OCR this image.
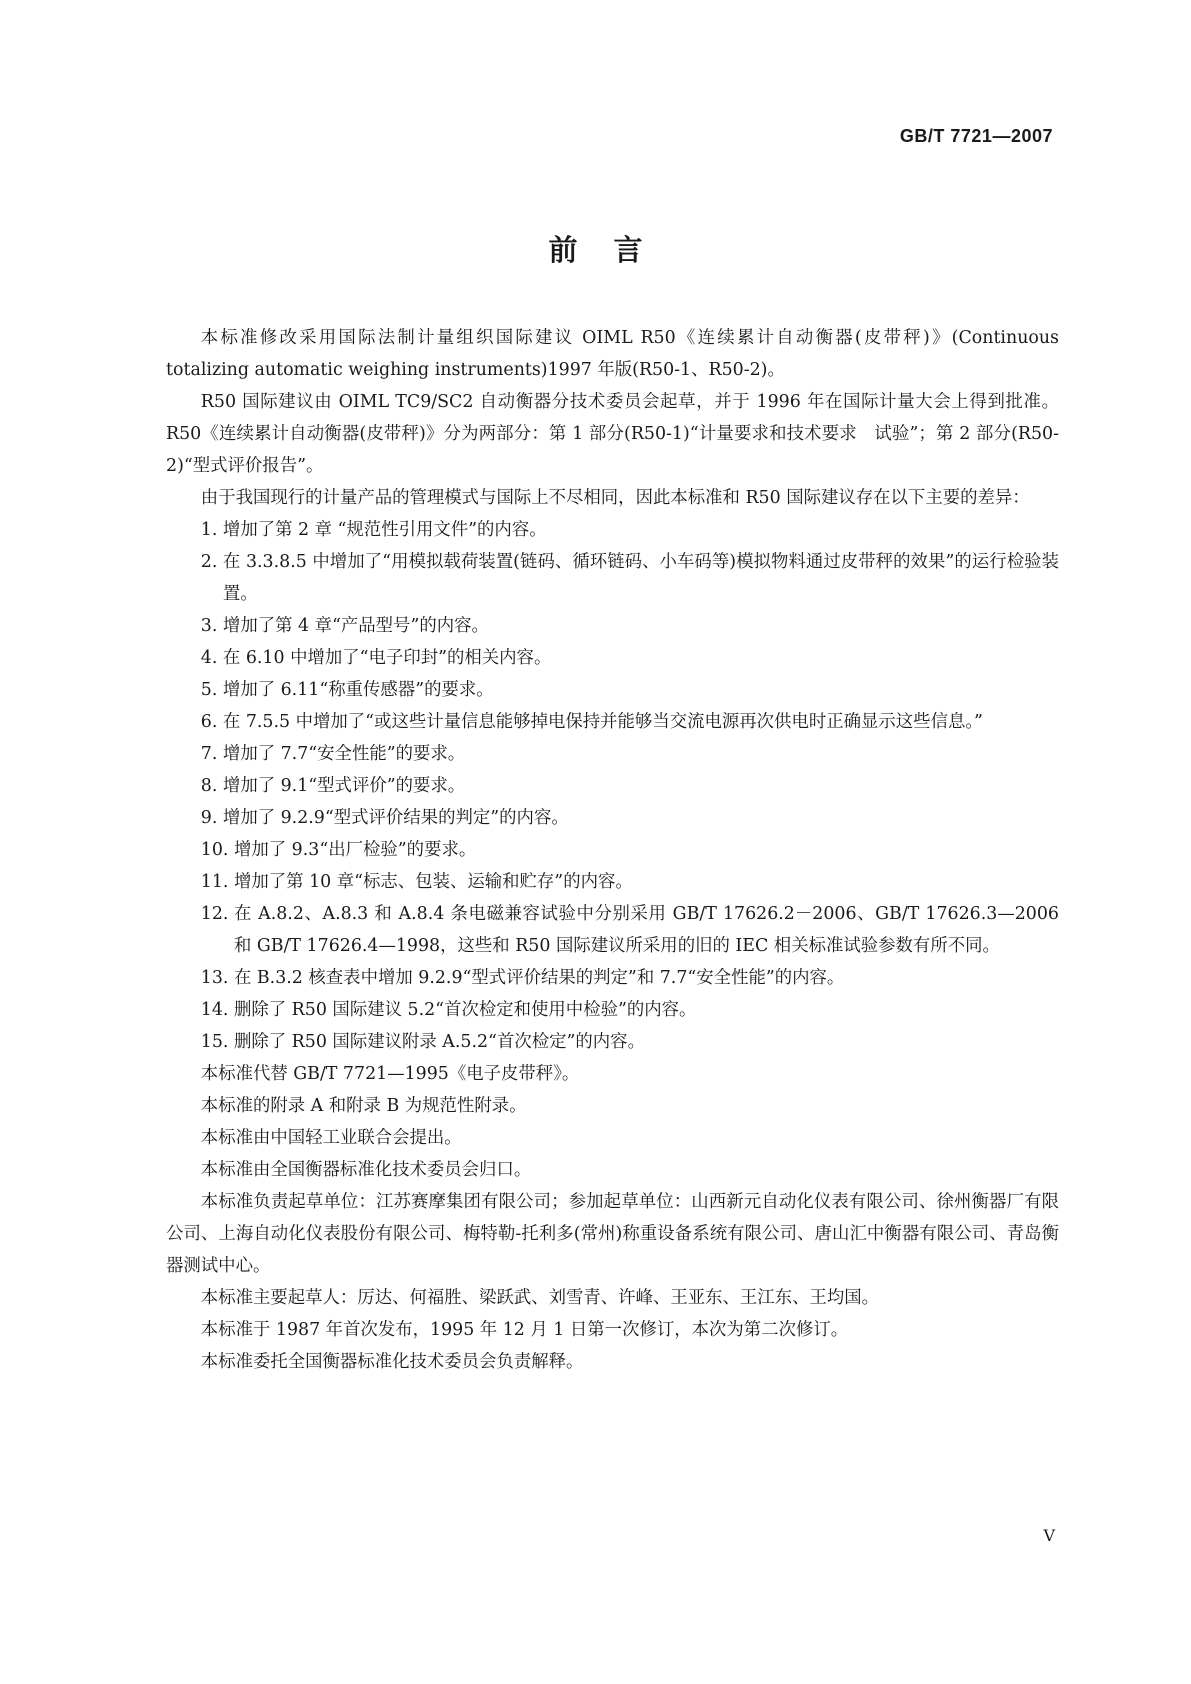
GB/T 7721—2007
前言

本标准修改采用国际法制计量组织国际建议 OIML R50《连续累计自动衡器(皮带秤)》(Continuous totalizing automatic weighing instruments)1997 年版(R50-1、R50-2)。

R50 国际建议由 OIML TC9/SC2 自动衡器分技术委员会起草，并于 1996 年在国际计量大会上得到批准。R50《连续累计自动衡器(皮带秤)》分为两部分：第 1 部分(R50-1)“计量要求和技术要求　试验”；第 2 部分(R50-2)“型式评价报告”。

由于我国现行的计量产品的管理模式与国际上不尽相同，因此本标准和 R50 国际建议存在以下主要的差异：

1. 增加了第 2 章 “规范性引用文件”的内容。
2. 在 3.3.8.5 中增加了“用模拟载荷装置(链码、循环链码、小车码等)模拟物料通过皮带秤的效果”的运行检验装置。
3. 增加了第 4 章“产品型号”的内容。
4. 在 6.10 中增加了“电子印封”的相关内容。
5. 增加了 6.11“称重传感器”的要求。
6. 在 7.5.5 中增加了“或这些计量信息能够掉电保持并能够当交流电源再次供电时正确显示这些信息。”
7. 增加了 7.7“安全性能”的要求。
8. 增加了 9.1“型式评价”的要求。
9. 增加了 9.2.9“型式评价结果的判定”的内容。
10. 增加了 9.3“出厂检验”的要求。
11. 增加了第 10 章“标志、包装、运输和贮存”的内容。
12. 在 A.8.2、A.8.3 和 A.8.4 条电磁兼容试验中分别采用 GB/T 17626.2－2006、GB/T 17626.3—2006 和 GB/T 17626.4—1998，这些和 R50 国际建议所采用的旧的 IEC 相关标准试验参数有所不同。
13. 在 B.3.2 核查表中增加 9.2.9“型式评价结果的判定”和 7.7“安全性能”的内容。
14. 删除了 R50 国际建议 5.2“首次检定和使用中检验”的内容。
15. 删除了 R50 国际建议附录 A.5.2“首次检定”的内容。

本标准代替 GB/T 7721—1995《电子皮带秤》。

本标准的附录 A 和附录 B 为规范性附录。

本标准由中国轻工业联合会提出。

本标准由全国衡器标准化技术委员会归口。

本标准负责起草单位：江苏赛摩集团有限公司；参加起草单位：山西新元自动化仪表有限公司、徐州衡器厂有限公司、上海自动化仪表股份有限公司、梅特勒-托利多(常州)称重设备系统有限公司、唐山汇中衡器有限公司、青岛衡器测试中心。

本标准主要起草人：厉达、何福胜、梁跃武、刘雪青、许峰、王亚东、王江东、王均国。

本标准于 1987 年首次发布，1995 年 12 月 1 日第一次修订，本次为第二次修订。

本标准委托全国衡器标准化技术委员会负责解释。

V
